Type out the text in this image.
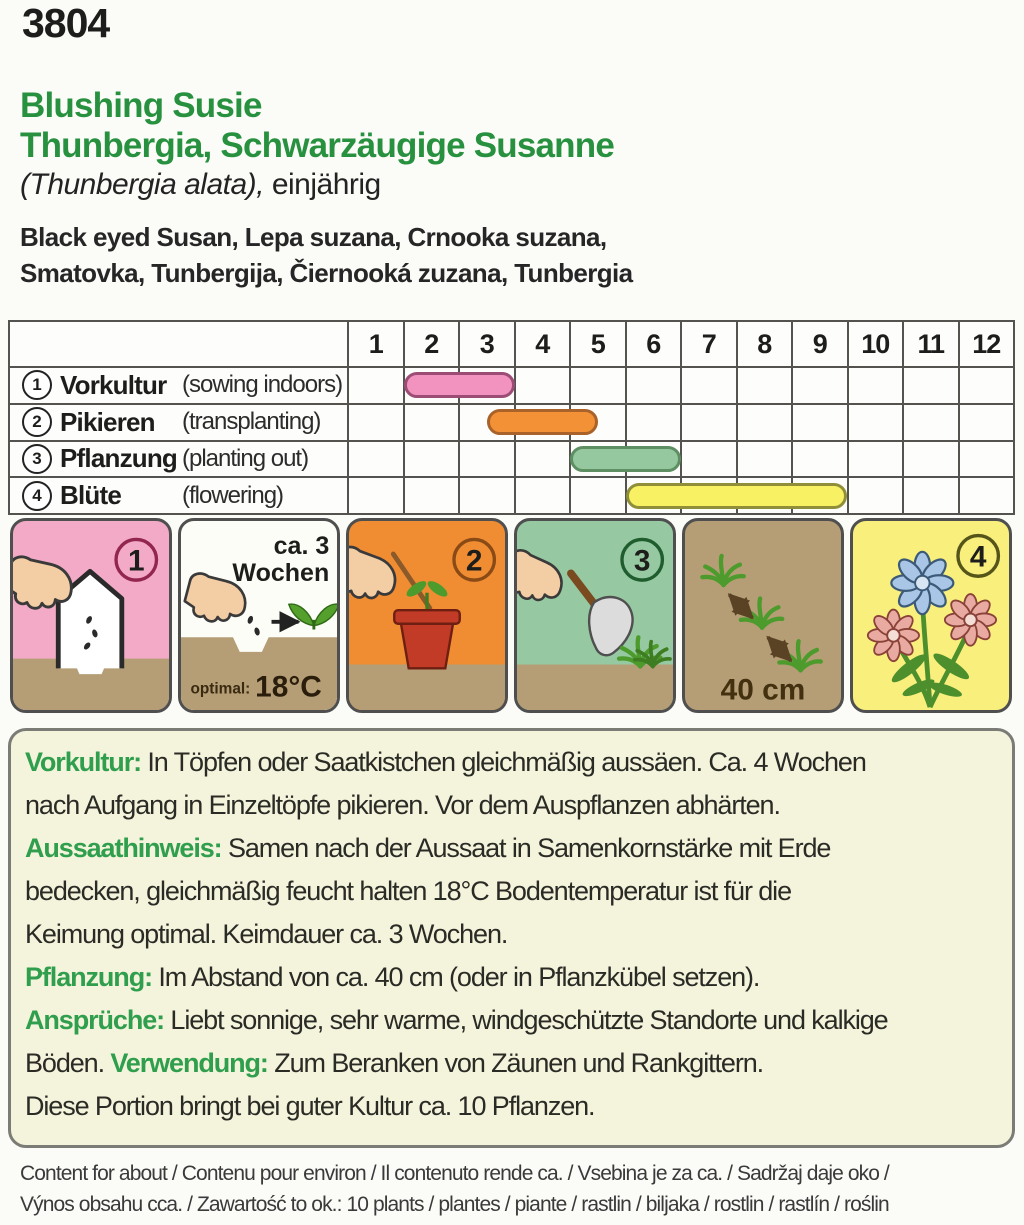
3804
Blushing Susie
Thunbergia, Schwarzäugige Susanne
(Thunbergia alata), einjährig
Black eyed Susan, Lepa suzana, Crnooka suzana,
Smatovka, Tunbergija, Čiernooká zuzana, Tunbergia
1	2	3	4	5	6	7	8	9	10	11	12
1 Vorkultur (sowing indoors)
2 Pikieren	(transplanting)
3 Pflanzung (planting out)
4 Blüte	(flowering)
1	ca. 3
Wochen
optimal: 18°C
2	3
40 cm
4
Vorkultur: In Töpfen oder Saatkistchen gleichmäßig aussäen. Ca. 4 Wochen
nach Aufgang in Einzeltöpfe pikieren. Vor dem Auspflanzen abhärten.
Aussaathinweis: Samen nach der Aussaat in Samenkornstärke mit Erde
bedecken, gleichmäßig feucht halten 18°C Bodentemperatur ist für die
Keimung optimal. Keimdauer ca. 3 Wochen.
Pflanzung: Im Abstand von ca. 40 cm (oder in Pflanzkübel setzen).
Ansprüche: Liebt sonnige, sehr warme, windgeschützte Standorte und kalkige
Böden. Verwendung: Zum Beranken von Zäunen und Rankgittern.
Diese Portion bringt bei guter Kultur ca. 10 Pflanzen.
Content for about / Contenu pour environ / Il contenuto rende ca. / Vsebina je za ca. / Sadržaj daje oko /
Výnos obsahu cca. / Zawartość to ok.: 10 plants / plantes / piante / rastlin / biljaka / rostlin / rastlín / roślin
